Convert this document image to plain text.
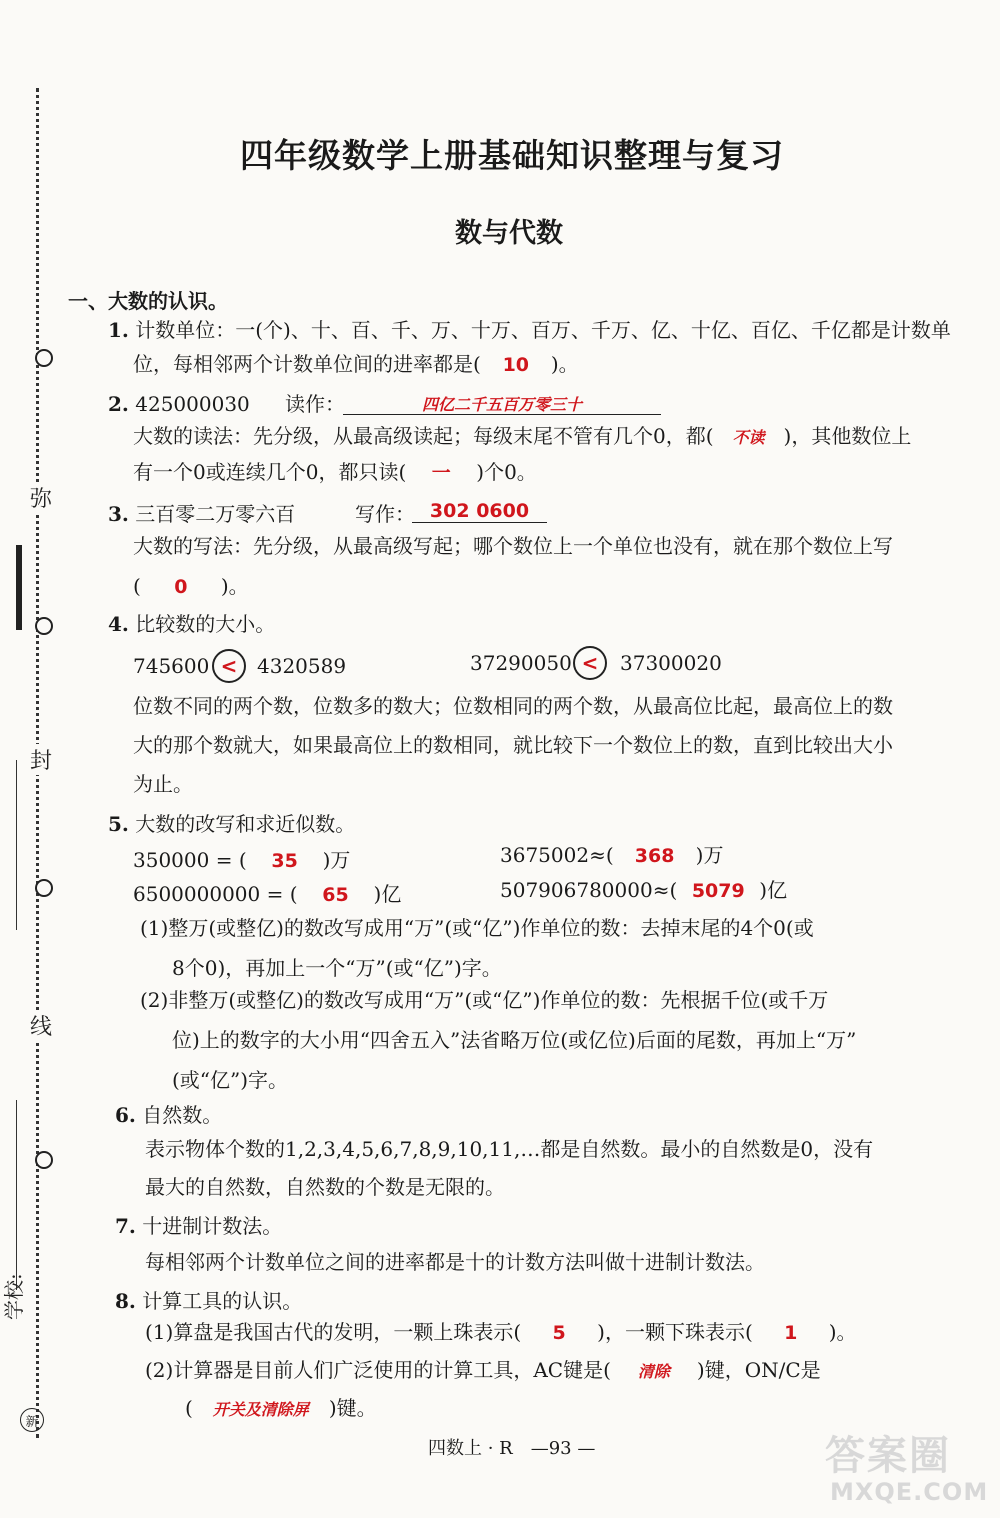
弥
封
线
学校:
新
四年级数学上册基础知识整理与复习
数与代数
一、大数的认识。
1. 计数单位：一(个)、十、百、千、万、十万、百万、千万、亿、十亿、百亿、千亿都是计数单
位，每相邻两个计数单位间的进率都是( 10 )。
2. 425000030 读作：	四亿二千五百万零三十
大数的读法：先分级，从最高级读起；每级末尾不管有几个0，都( 不读 )，其他数位上
有一个0或连续几个0，都只读( 一 )个0。
3. 三百零二万零六百	写作： 302 0600
大数的写法：先分级，从最高级写起；哪个数位上一个单位也没有，就在那个数位上写
( 0 )。
4. 比较数的大小。
745600 < 4320589	37290050 <	37300020
位数不同的两个数，位数多的数大；位数相同的两个数，从最高位比起，最高位上的数
大的那个数就大，如果最高位上的数相同，就比较下一个数位上的数，直到比较出大小
为止。
5. 大数的改写和求近似数。
350000 = ( 35 )万	3675002≈( 368 )万
6500000000 = ( 65 )亿	507906780000≈( 5079 )亿
(1)整万(或整亿)的数改写成用“万”(或“亿”)作单位的数：去掉末尾的4个0(或
8个0)，再加上一个“万”(或“亿”)字。
(2)非整万(或整亿)的数改写成用“万”(或“亿”)作单位的数：先根据千位(或千万
位)上的数字的大小用“四舍五入”法省略万位(或亿位)后面的尾数，再加上“万”
(或“亿”)字。
6. 自然数。
表示物体个数的1,2,3,4,5,6,7,8,9,10,11,…都是自然数。最小的自然数是0，没有
最大的自然数，自然数的个数是无限的。
7. 十进制计数法。
每相邻两个计数单位之间的进率都是十的计数方法叫做十进制计数法。
8. 计算工具的认识。
(1)算盘是我国古代的发明，一颗上珠表示( 5 )，一颗下珠表示( 1 )。
(2)计算器是目前人们广泛使用的计算工具，AC键是( 清除 )键，ON/C是
( 开关及清除屏 )键。
四数上 · R　—93 —	答案圈
MXQE.COM
